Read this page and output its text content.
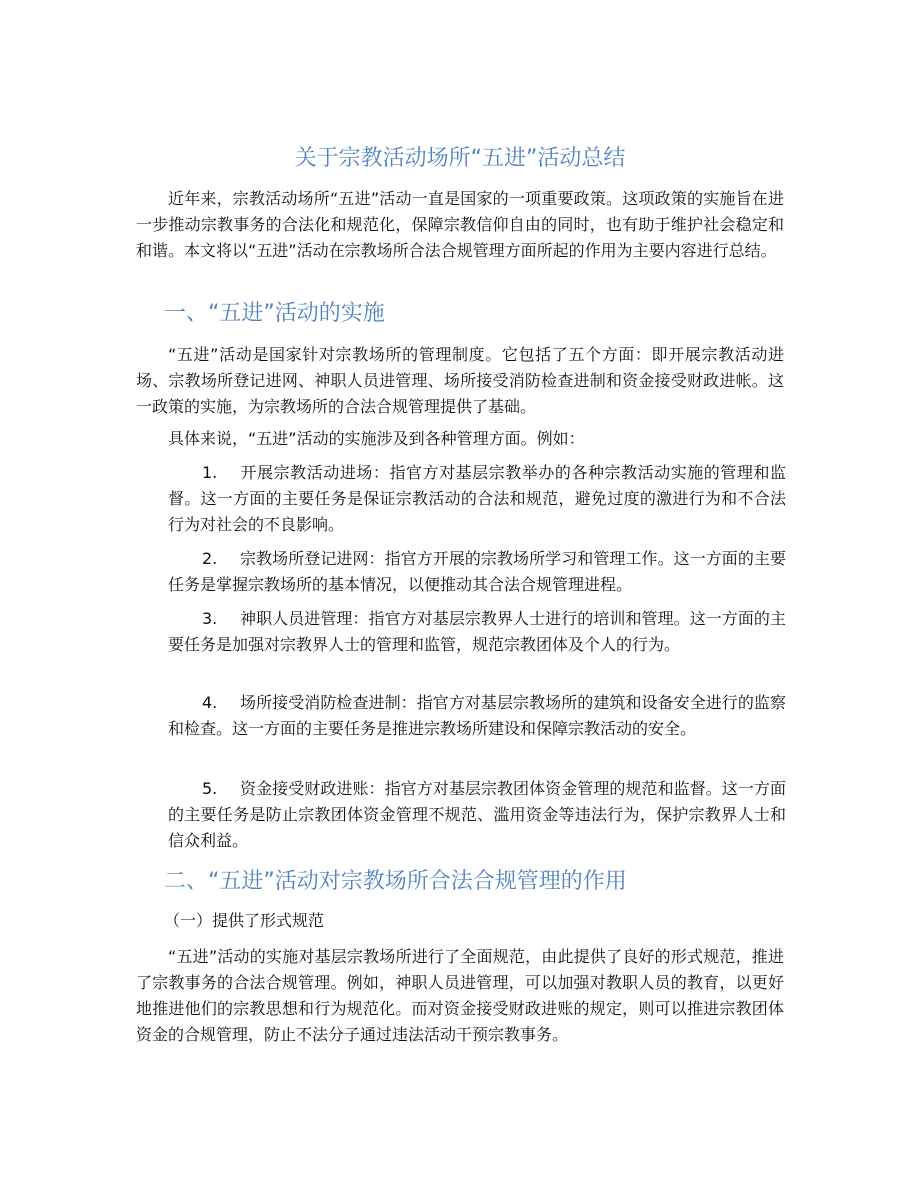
关于宗教活动场所“五进”活动总结

近年来，宗教活动场所“五进”活动一直是国家的一项重要政策。这项政策的实施旨在进一步推动宗教事务的合法化和规范化，保障宗教信仰自由的同时，也有助于维护社会稳定和和谐。本文将以“五进”活动在宗教场所合法合规管理方面所起的作用为主要内容进行总结。

一、“五进”活动的实施

“五进”活动是国家针对宗教场所的管理制度。它包括了五个方面：即开展宗教活动进场、宗教场所登记进网、神职人员进管理、场所接受消防检查进制和资金接受财政进帐。这一政策的实施，为宗教场所的合法合规管理提供了基础。

具体来说，“五进”活动的实施涉及到各种管理方面。例如：

1. 开展宗教活动进场：指官方对基层宗教举办的各种宗教活动实施的管理和监督。这一方面的主要任务是保证宗教活动的合法和规范，避免过度的激进行为和不合法行为对社会的不良影响。
2. 宗教场所登记进网：指官方开展的宗教场所学习和管理工作。这一方面的主要任务是掌握宗教场所的基本情况，以便推动其合法合规管理进程。
3. 神职人员进管理：指官方对基层宗教界人士进行的培训和管理。这一方面的主要任务是加强对宗教界人士的管理和监管，规范宗教团体及个人的行为。
4. 场所接受消防检查进制：指官方对基层宗教场所的建筑和设备安全进行的监察和检查。这一方面的主要任务是推进宗教场所建设和保障宗教活动的安全。
5. 资金接受财政进账：指官方对基层宗教团体资金管理的规范和监督。这一方面的主要任务是防止宗教团体资金管理不规范、滥用资金等违法行为，保护宗教界人士和信众利益。
二、“五进”活动对宗教场所合法合规管理的作用

（一）提供了形式规范

“五进”活动的实施对基层宗教场所进行了全面规范，由此提供了良好的形式规范，推进了宗教事务的合法合规管理。例如，神职人员进管理，可以加强对教职人员的教育，以更好地推进他们的宗教思想和行为规范化。而对资金接受财政进账的规定，则可以推进宗教团体资金的合规管理，防止不法分子通过违法活动干预宗教事务。
